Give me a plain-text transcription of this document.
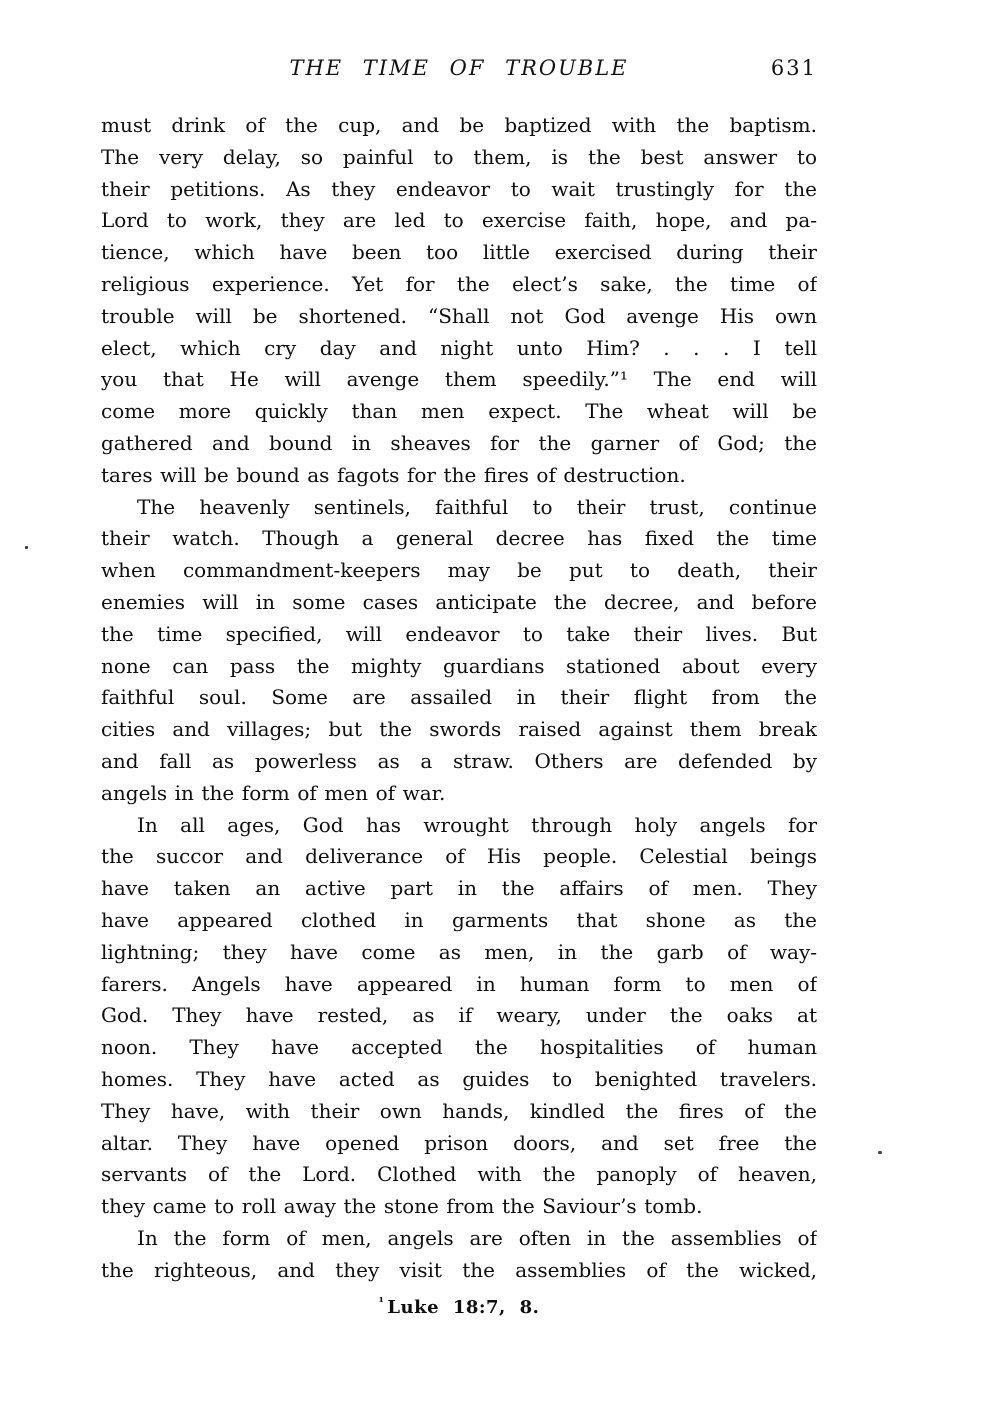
THE TIME OF TROUBLE	631
must drink of the cup, and be baptized with the baptism.
The very delay, so painful to them, is the best answer to
their petitions. As they endeavor to wait trustingly for the
Lord to work, they are led to exercise faith, hope, and pa-
tience, which have been too little exercised during their
religious experience. Yet for the elect’s sake, the time of
trouble will be shortened. “Shall not God avenge His own
elect, which cry day and night unto Him? . . . I tell
you that He will avenge them speedily.”¹ The end will
come more quickly than men expect. The wheat will be
gathered and bound in sheaves for the garner of God; the
tares will be bound as fagots for the fires of destruction.
The heavenly sentinels, faithful to their trust, continue
their watch. Though a general decree has fixed the time
when commandment-keepers may be put to death, their
enemies will in some cases anticipate the decree, and before
the time specified, will endeavor to take their lives. But
none can pass the mighty guardians stationed about every
faithful soul. Some are assailed in their flight from the
cities and villages; but the swords raised against them break
and fall as powerless as a straw. Others are defended by
angels in the form of men of war.
In all ages, God has wrought through holy angels for
the succor and deliverance of His people. Celestial beings
have taken an active part in the affairs of men. They
have appeared clothed in garments that shone as the
lightning; they have come as men, in the garb of way-
farers. Angels have appeared in human form to men of
God. They have rested, as if weary, under the oaks at
noon. They have accepted the hospitalities of human
homes. They have acted as guides to benighted travelers.
They have, with their own hands, kindled the fires of the
altar. They have opened prison doors, and set free the
servants of the Lord. Clothed with the panoply of heaven,
they came to roll away the stone from the Saviour’s tomb.
In the form of men, angels are often in the assemblies of
the righteous, and they visit the assemblies of the wicked,
$^{^1}$ Luke 18:7, 8.
